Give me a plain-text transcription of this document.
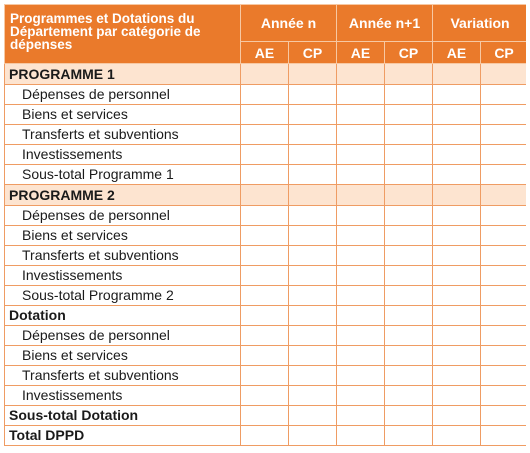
Programmes et Dotations du Département par catégorie de dépenses	Année n		Année n+1		Variation	
	AE	CP	AE	CP	AE	CP
PROGRAMME 1						
Dépenses de personnel						
Biens et services						
Transferts et subventions						
Investissements						
Sous-total Programme 1						
PROGRAMME 2						
Dépenses de personnel						
Biens et services						
Transferts et subventions						
Investissements						
Sous-total Programme 2						
Dotation						
Dépenses de personnel						
Biens et services						
Transferts et subventions						
Investissements						
Sous-total Dotation						
Total DPPD						
